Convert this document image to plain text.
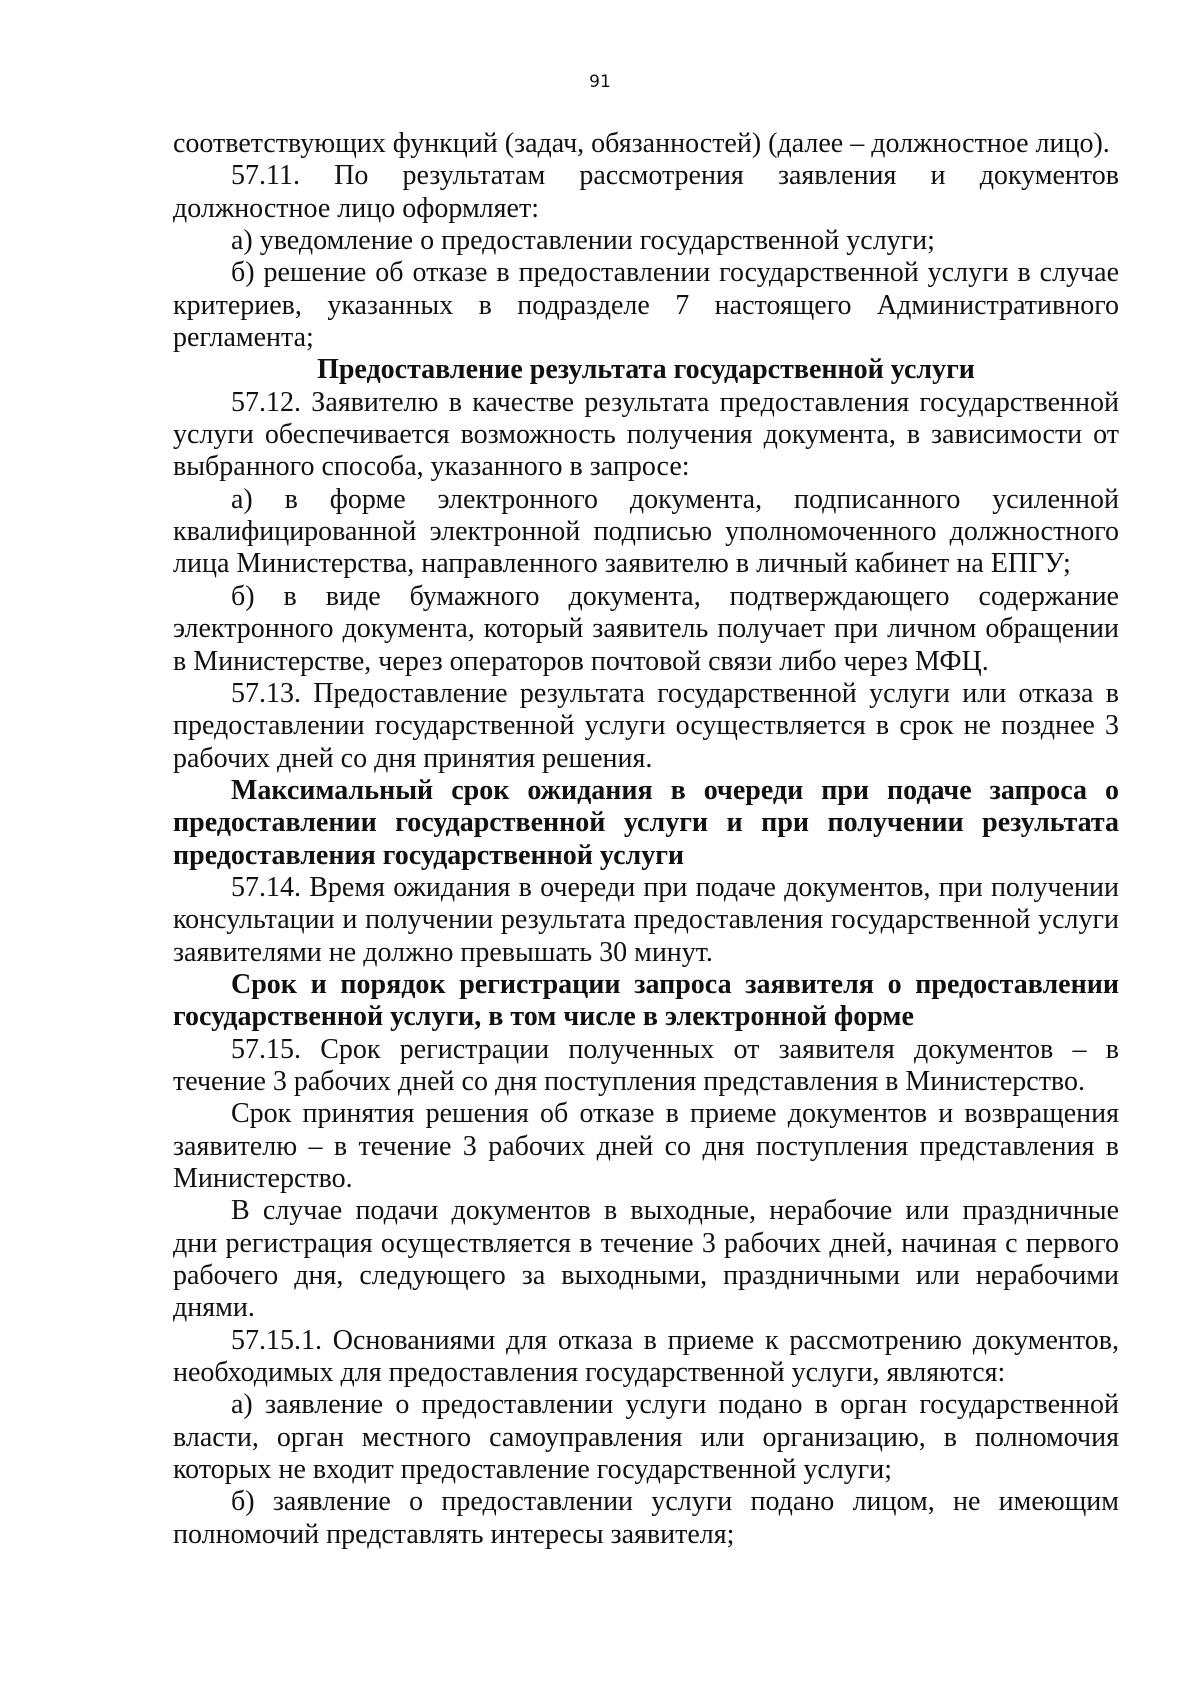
91

соответствующих функций (задач, обязанностей) (далее – должностное лицо).

57.11. По результатам рассмотрения заявления и документов должностное лицо оформляет:

а) уведомление о предоставлении государственной услуги;

б) решение об отказе в предоставлении государственной услуги в случае критериев, указанных в подразделе 7 настоящего Административного регламента;

Предоставление результата государственной услуги

57.12. Заявителю в качестве результата предоставления государственной услуги обеспечивается возможность получения документа, в зависимости от выбранного способа, указанного в запросе:

а) в форме электронного документа, подписанного усиленной квалифицированной электронной подписью уполномоченного должностного лица Министерства, направленного заявителю в личный кабинет на ЕПГУ;

б) в виде бумажного документа, подтверждающего содержание электронного документа, который заявитель получает при личном обращении в Министерстве, через операторов почтовой связи либо через МФЦ.

57.13. Предоставление результата государственной услуги или отказа в предоставлении государственной услуги осуществляется в срок не позднее 3 рабочих дней со дня принятия решения.

Максимальный срок ожидания в очереди при подаче запроса о предоставлении государственной услуги и при получении результата предоставления государственной услуги

57.14. Время ожидания в очереди при подаче документов, при получении консультации и получении результата предоставления государственной услуги заявителями не должно превышать 30 минут.

Срок и порядок регистрации запроса заявителя о предоставлении государственной услуги, в том числе в электронной форме

57.15. Срок регистрации полученных от заявителя документов – в течение 3 рабочих дней со дня поступления представления в Министерство.

Срок принятия решения об отказе в приеме документов и возвращения заявителю – в течение 3 рабочих дней со дня поступления представления в Министерство.

В случае подачи документов в выходные, нерабочие или праздничные дни регистрация осуществляется в течение 3 рабочих дней, начиная с первого рабочего дня, следующего за выходными, праздничными или нерабочими днями.

57.15.1. Основаниями для отказа в приеме к рассмотрению документов, необходимых для предоставления государственной услуги, являются:

а) заявление о предоставлении услуги подано в орган государственной власти, орган местного самоуправления или организацию, в полномочия которых не входит предоставление государственной услуги;

б) заявление о предоставлении услуги подано лицом, не имеющим полномочий представлять интересы заявителя;
